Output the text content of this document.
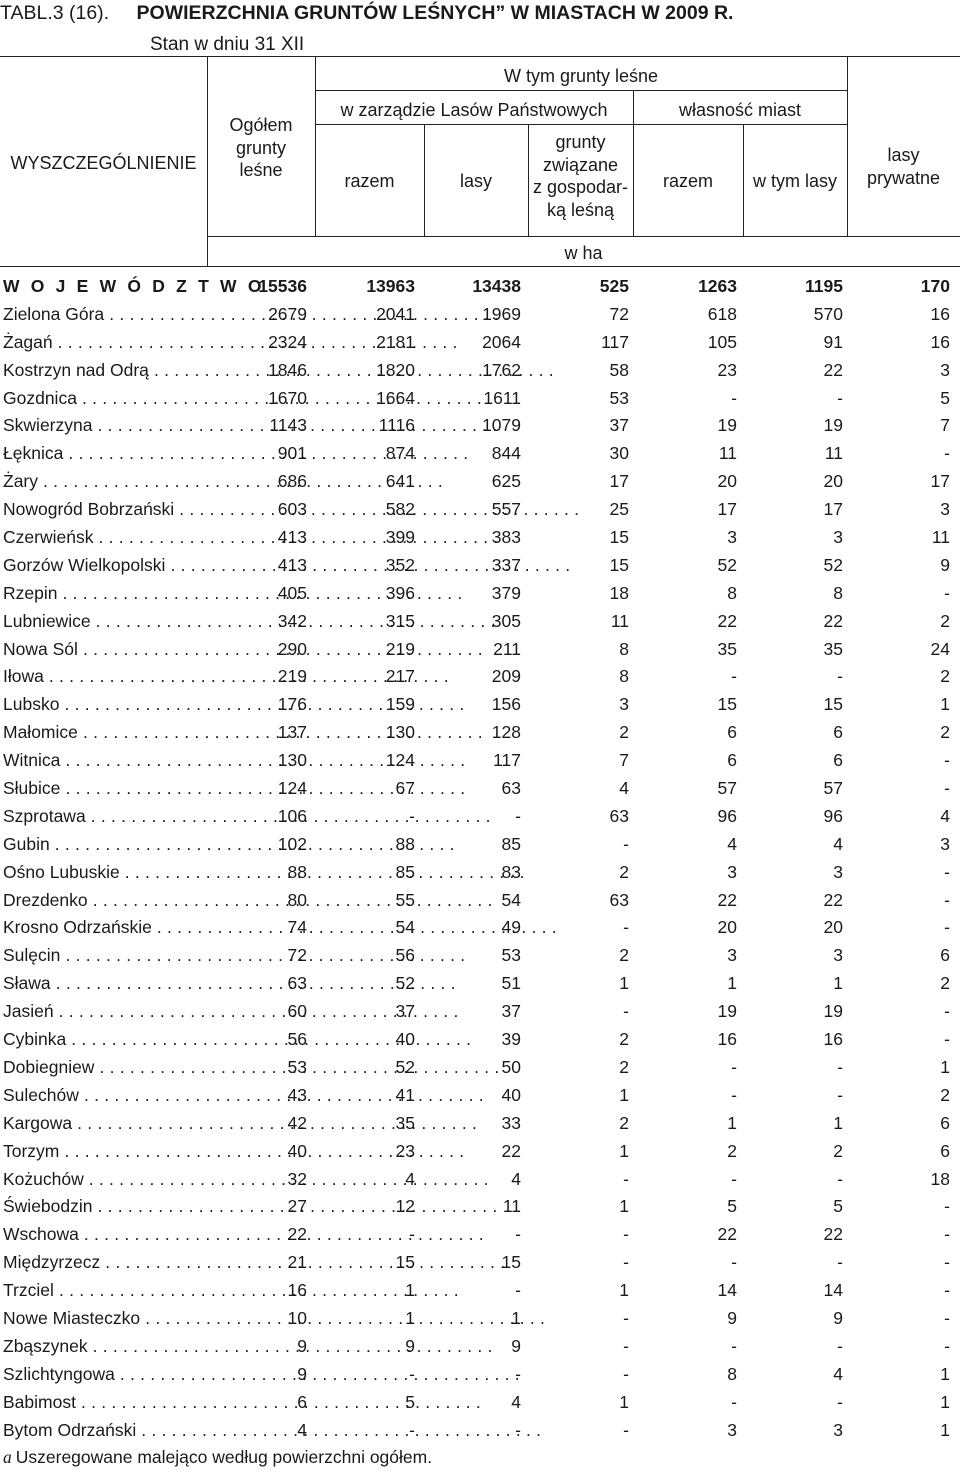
TABL.3 (16). POWIERZCHNIA GRUNTÓW LEŚNYCH” W MIASTACH W 2009 R.
Stan w dniu 31 XII
WYSZCZEGÓLNIENIE
Ogółem
grunty
leśne
W tym grunty leśne
w zarządzie Lasów Państwowych
razem	lasy
grunty
związane
z gospodar-
ką leśną
własność miast
razem	w tym lasy
lasy
prywatne
w ha
W O J E W Ó D Z T W O
15536	13963	13438	525	1263	1195	170
Zielona Góra . . .	2679	2041	1969	72	618	570	16
Żagań . . .	2324	2181	2064	117	105	91	16
Kostrzyn nad Odrą . . .	1846	1820	1762	58	23	22	3
Gozdnica . . .	1670	1664	1611	53	-	-	5
Skwierzyna . . .	1143	1116	1079	37	19	19	7
Łęknica . . .	901	874	844	30	11	11	-
Żary . . .	686	641	625	17	20	20	17
Nowogród Bobrzański . . .	603	582	557	25	17	17	3
Czerwieńsk . . .	413	399	383	15	3	3	11
Gorzów Wielkopolski . . .	413	352	337	15	52	52	9
Rzepin . . .	405	396	379	18	8	8	-
Lubniewice . . .	342	315	305	11	22	22	2
Nowa Sól . . .	290	219	211	8	35	35	24
Iłowa . . .	219	217	209	8	-	-	2
Lubsko . . .	176	159	156	3	15	15	1
Małomice . . .	137	130	128	2	6	6	2
Witnica . . .	130	124	117	7	6	6	-
Słubice . . .	124	67	63	4	57	57	-
Szprotawa . . .	106	-	-	63	96	96	4
Gubin . . .	102	88	85	-	4	4	3
Ośno Lubuskie . . .	88	85	83	2	3	3	-
Drezdenko . . .	80	55	54	63	22	22	-
Krosno Odrzańskie . . .	74	54	49	-	20	20	-
Sulęcin . . .	72	56	53	2	3	3	6
Sława . . .	63	52	51	1	1	1	2
Jasień . . .	60	37	37	-	19	19	-
Cybinka . . .	56	40	39	2	16	16	-
Dobiegniew . . .	53	52	50	2	-	-	1
Sulechów . . .	43	41	40	1	-	-	2
Kargowa . . .	42	35	33	2	1	1	6
Torzym . . .	40	23	22	1	2	2	6
Kożuchów . . .	32	4	4	-	-	-	18
Świebodzin . . .	27	12	11	1	5	5	-
Wschowa . . .	22	-	-	-	22	22	-
Międzyrzecz . . .	21	15	15	-	-	-	-
Trzciel . . .	16	1	-	1	14	14	-
Nowe Miasteczko . . .	10	1	1	-	9	9	-
Zbąszynek . . .	9	9	9	-	-	-	-
Szlichtyngowa . . .	9	-	-	-	8	4	1
Babimost . . .	6	5	4	1	-	-	1
Bytom Odrzański . . .	4	-	-	-	3	3	1
a Uszeregowane malejąco według powierzchni ogółem.
